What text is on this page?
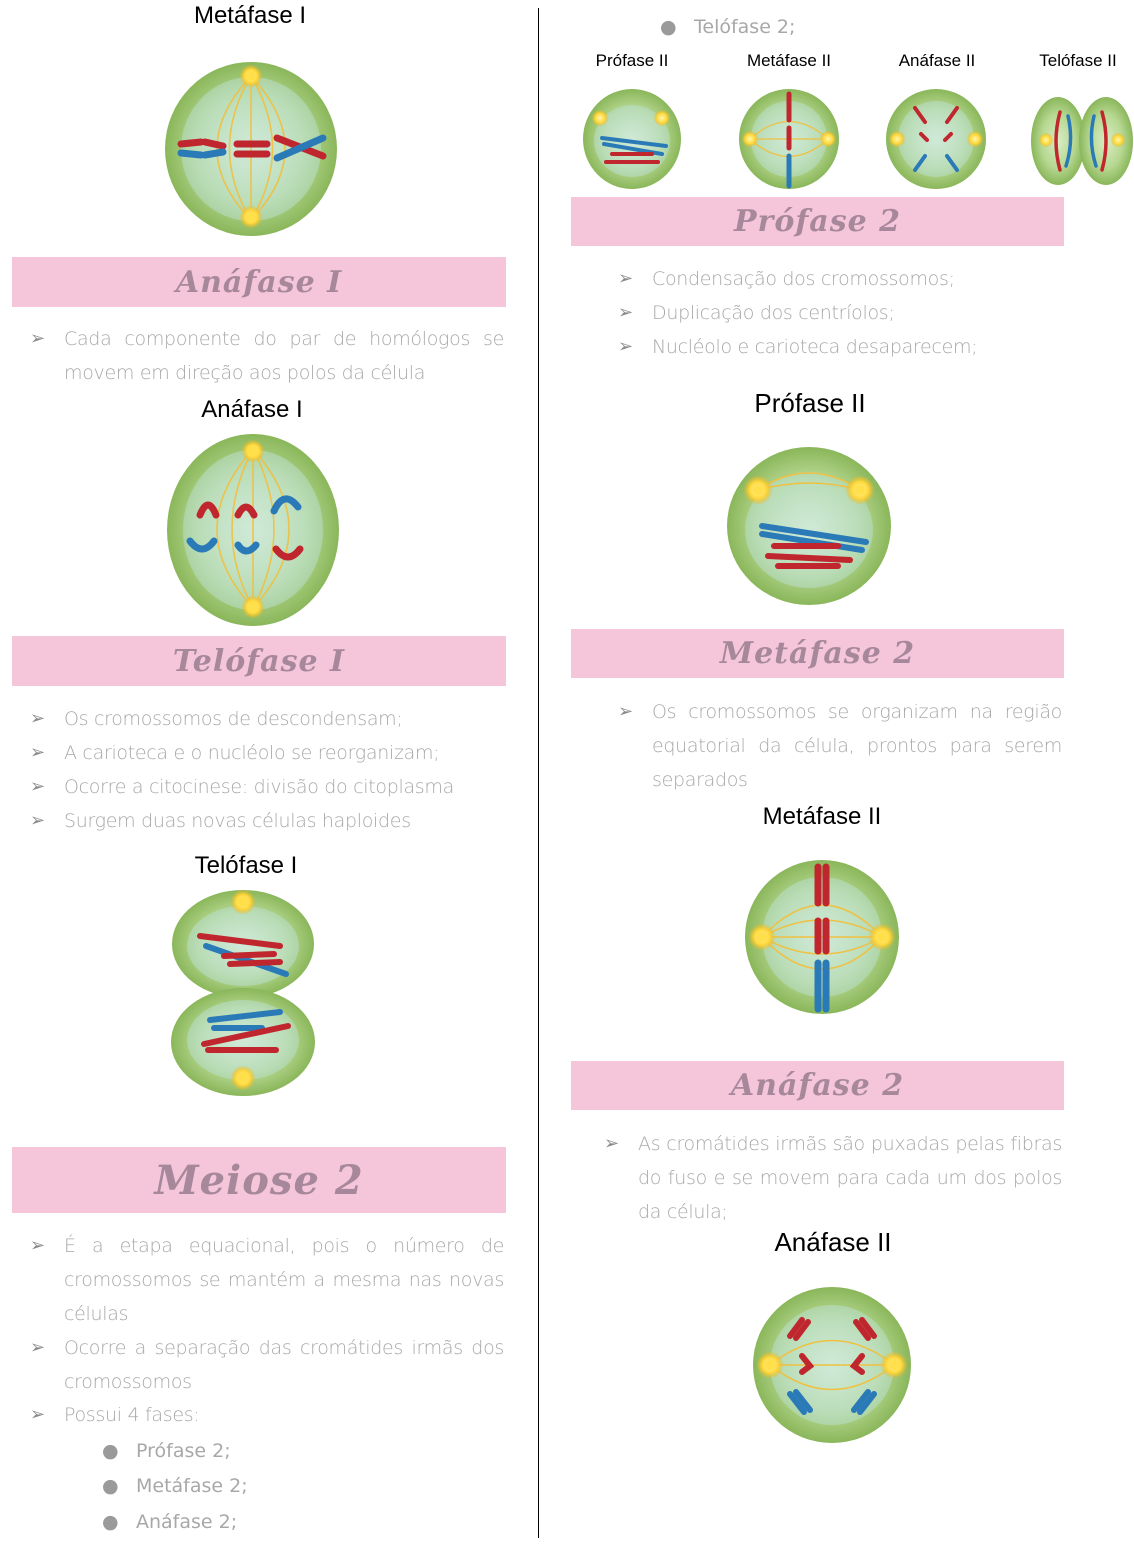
Metáfase I
Anáfase I
➢ Cada componente do par de homólogos se movem em direção aos polos da célula
Anáfase I
Telófase I
➢ Os cromossomos de descondensam;
➢ A carioteca e o nucléolo se reorganizam;
➢ Ocorre a citocinese: divisão do citoplasma
➢ Surgem duas novas células haploides
Telófase I
Meiose 2
➢ É a etapa equacional, pois o número de cromossomos se mantém a mesma nas novas células
➢ Ocorre a separação das cromátides irmãs dos cromossomos
➢ Possui 4 fases:
● Prófase 2;
● Metáfase 2;
● Anáfase 2;
● Telófase 2;
Prófase II	Metáfase II	Anáfase II	Telófase II
Prófase 2
➢ Condensação dos cromossomos;
➢ Duplicação dos centríolos;
➢ Nucléolo e carioteca desaparecem;
Prófase II
Metáfase 2
➢ Os cromossomos se organizam na região equatorial da célula, prontos para serem separados
Metáfase II
Anáfase 2
➢ As cromátides irmãs são puxadas pelas fibras do fuso e se movem para cada um dos polos da célula;
Anáfase II
